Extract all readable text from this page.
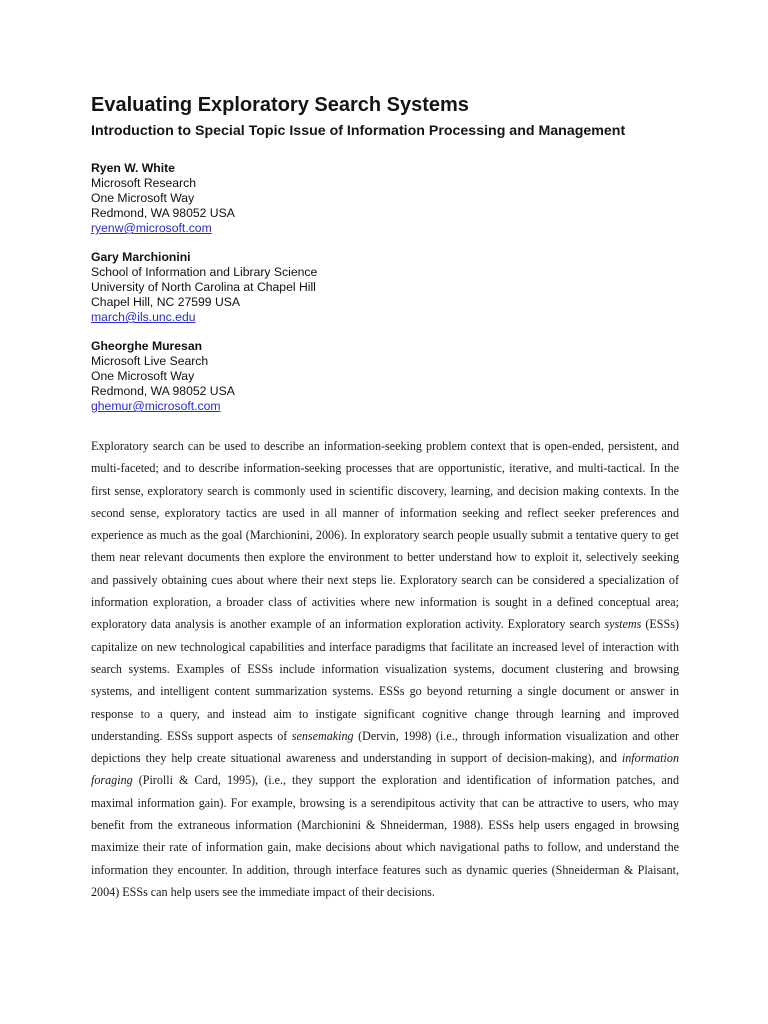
Evaluating Exploratory Search Systems
Introduction to Special Topic Issue of Information Processing and Management
Ryen W. White
Microsoft Research
One Microsoft Way
Redmond, WA 98052 USA
ryenw@microsoft.com
Gary Marchionini
School of Information and Library Science
University of North Carolina at Chapel Hill
Chapel Hill, NC 27599 USA
march@ils.unc.edu
Gheorghe Muresan
Microsoft Live Search
One Microsoft Way
Redmond, WA 98052 USA
ghemur@microsoft.com

Exploratory search can be used to describe an information-seeking problem context that is open-ended, persistent, and multi-faceted; and to describe information-seeking processes that are opportunistic, iterative, and multi-tactical. In the first sense, exploratory search is commonly used in scientific discovery, learning, and decision making contexts. In the second sense, exploratory tactics are used in all manner of information seeking and reflect seeker preferences and experience as much as the goal (Marchionini, 2006). In exploratory search people usually submit a tentative query to get them near relevant documents then explore the environment to better understand how to exploit it, selectively seeking and passively obtaining cues about where their next steps lie. Exploratory search can be considered a specialization of information exploration, a broader class of activities where new information is sought in a defined conceptual area; exploratory data analysis is another example of an information exploration activity. Exploratory search systems (ESSs) capitalize on new technological capabilities and interface paradigms that facilitate an increased level of interaction with search systems. Examples of ESSs include information visualization systems, document clustering and browsing systems, and intelligent content summarization systems. ESSs go beyond returning a single document or answer in response to a query, and instead aim to instigate significant cognitive change through learning and improved understanding. ESSs support aspects of sensemaking (Dervin, 1998) (i.e., through information visualization and other depictions they help create situational awareness and understanding in support of decision-making), and information foraging (Pirolli & Card, 1995), (i.e., they support the exploration and identification of information patches, and maximal information gain). For example, browsing is a serendipitous activity that can be attractive to users, who may benefit from the extraneous information (Marchionini & Shneiderman, 1988). ESSs help users engaged in browsing maximize their rate of information gain, make decisions about which navigational paths to follow, and understand the information they encounter. In addition, through interface features such as dynamic queries (Shneiderman & Plaisant, 2004) ESSs can help users see the immediate impact of their decisions.
